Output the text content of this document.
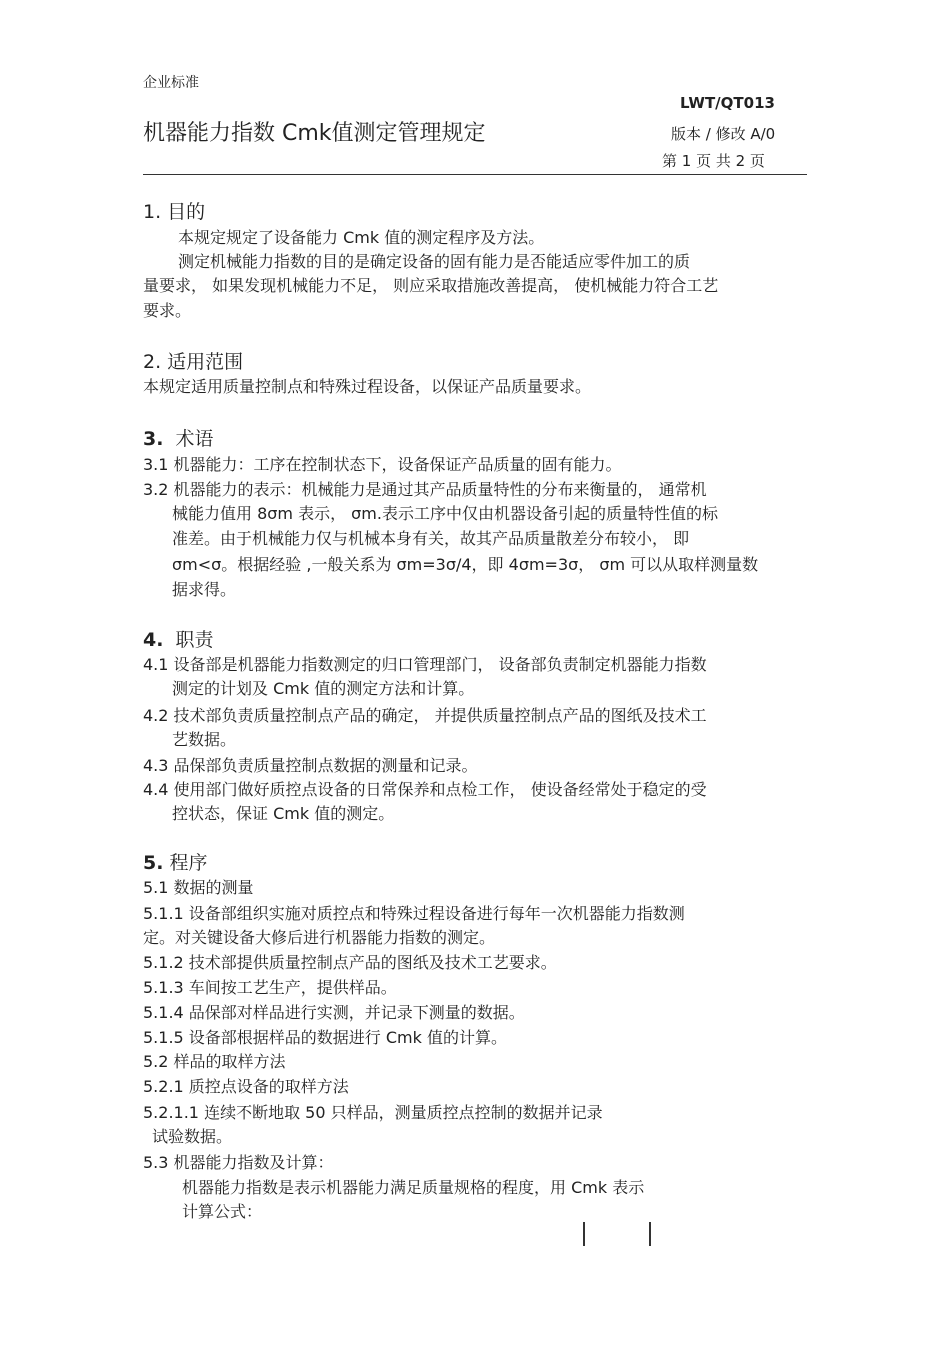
企业标准
LWT/QT013
机器能力指数 Cmk值测定管理规定	版本 / 修改 A/0
第 1 页 共 2 页
1. 目的
本规定规定了设备能力 Cmk 值的测定程序及方法。
测定机械能力指数的目的是确定设备的固有能力是否能适应零件加工的质
量要求， 如果发现机械能力不足， 则应采取措施改善提高， 使机械能力符合工艺
要求。
2. 适用范围
本规定适用质量控制点和特殊过程设备，以保证产品质量要求。
3. 术语
3.1 机器能力：工序在控制状态下，设备保证产品质量的固有能力。
3.2 机器能力的表示：机械能力是通过其产品质量特性的分布来衡量的， 通常机
械能力值用 8σm 表示， σm.表示工序中仅由机器设备引起的质量特性值的标
准差。由于机械能力仅与机械本身有关，故其产品质量散差分布较小， 即
σm<σ。根据经验 ,一般关系为 σm=3σ/4，即 4σm=3σ， σm 可以从取样测量数
据求得。
4. 职责
4.1 设备部是机器能力指数测定的归口管理部门， 设备部负责制定机器能力指数
测定的计划及 Cmk 值的测定方法和计算。
4.2 技术部负责质量控制点产品的确定， 并提供质量控制点产品的图纸及技术工
艺数据。
4.3 品保部负责质量控制点数据的测量和记录。
4.4 使用部门做好质控点设备的日常保养和点检工作， 使设备经常处于稳定的受
控状态，保证 Cmk 值的测定。
5. 程序
5.1 数据的测量
5.1.1 设备部组织实施对质控点和特殊过程设备进行每年一次机器能力指数测
定。对关键设备大修后进行机器能力指数的测定。
5.1.2 技术部提供质量控制点产品的图纸及技术工艺要求。
5.1.3 车间按工艺生产，提供样品。
5.1.4 品保部对样品进行实测，并记录下测量的数据。
5.1.5 设备部根据样品的数据进行 Cmk 值的计算。
5.2 样品的取样方法
5.2.1 质控点设备的取样方法
5.2.1.1 连续不断地取 50 只样品，测量质控点控制的数据并记录
试验数据。
5.3 机器能力指数及计算：
机器能力指数是表示机器能力满足质量规格的程度，用 Cmk 表示
计算公式：
